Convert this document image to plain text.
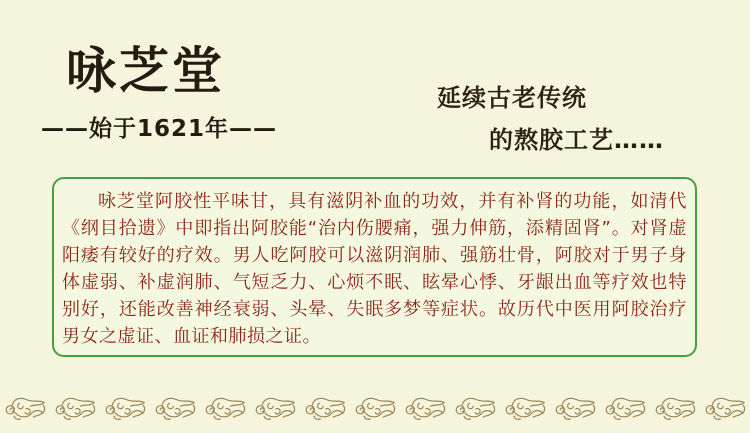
咏芝堂
——始于1621年——
延续古老传统
的熬胶工艺……

咏芝堂阿胶性平味甘，具有滋阴补血的功效，并有补肾的功能，如清代《纲目拾遗》中即指出阿胶能“治内伤腰痛，强力伸筋，添精固肾”。对肾虚阳痿有较好的疗效。男人吃阿胶可以滋阴润肺、强筋壮骨，阿胶对于男子身体虚弱、补虚润肺、气短乏力、心烦不眠、眩晕心悸、牙龈出血等疗效也特别好，还能改善神经衰弱、头晕、失眠多梦等症状。故历代中医用阿胶治疗男女之虚证、血证和肺损之证。
